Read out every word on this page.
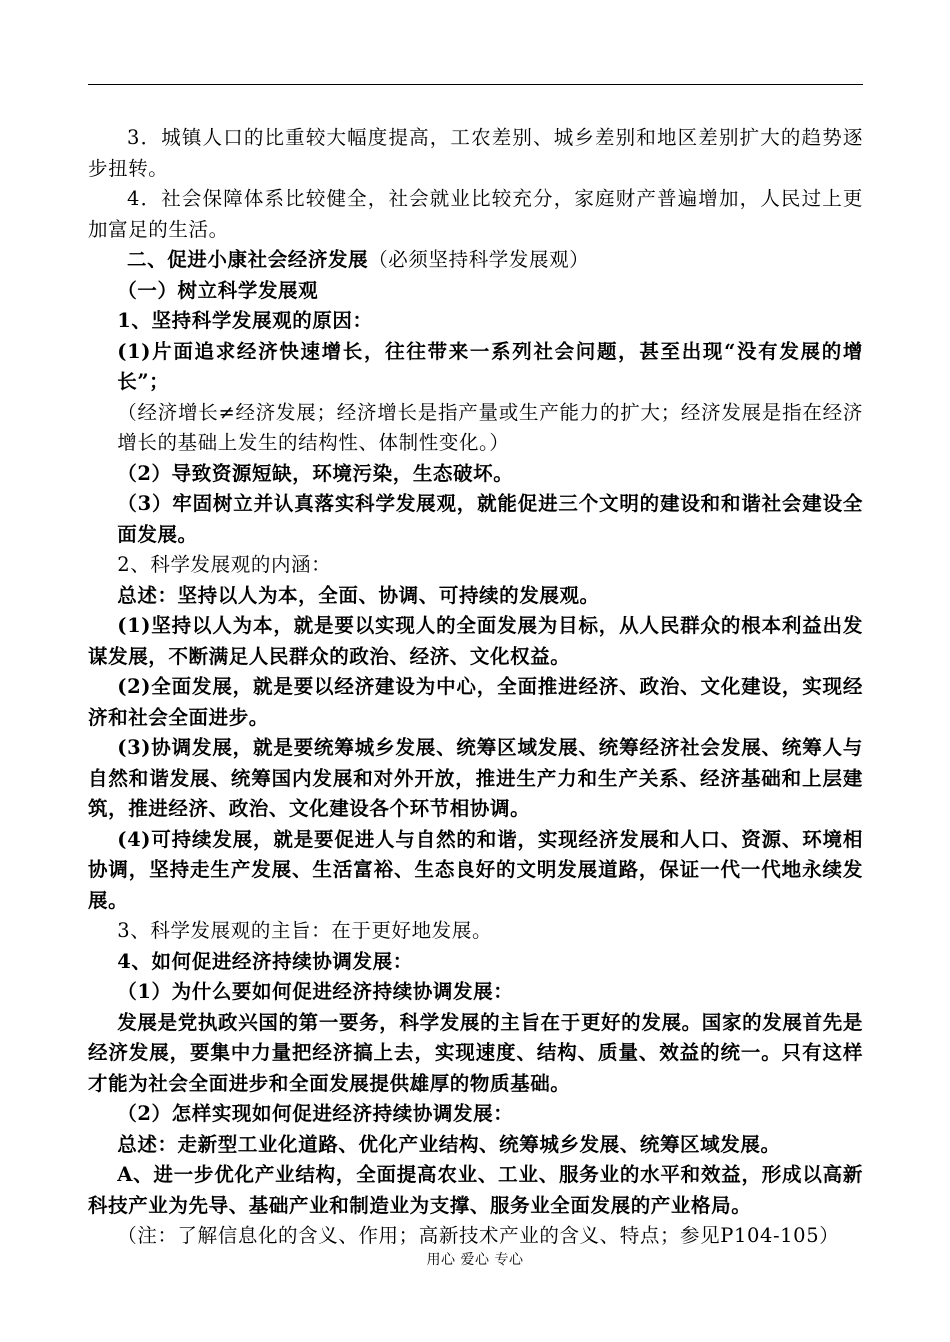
3．城镇人口的比重较大幅度提高，工农差别、城乡差别和地区差别扩大的趋势逐步扭转。

4．社会保障体系比较健全，社会就业比较充分，家庭财产普遍增加，人民过上更加富足的生活。

二、促进小康社会经济发展（必须坚持科学发展观）

（一）树立科学发展观

1、坚持科学发展观的原因：

(1)片面追求经济快速增长，往往带来一系列社会问题，甚至出现“没有发展的增长”；

（经济增长≠经济发展；经济增长是指产量或生产能力的扩大；经济发展是指在经济增长的基础上发生的结构性、体制性变化。）

（2）导致资源短缺，环境污染，生态破坏。

（3）牢固树立并认真落实科学发展观，就能促进三个文明的建设和和谐社会建设全面发展。

2、科学发展观的内涵：

总述：坚持以人为本，全面、协调、可持续的发展观。

(1)坚持以人为本，就是要以实现人的全面发展为目标，从人民群众的根本利益出发谋发展，不断满足人民群众的政治、经济、文化权益。

(2)全面发展，就是要以经济建设为中心，全面推进经济、政治、文化建设，实现经济和社会全面进步。

(3)协调发展，就是要统筹城乡发展、统筹区域发展、统筹经济社会发展、统筹人与自然和谐发展、统筹国内发展和对外开放，推进生产力和生产关系、经济基础和上层建筑，推进经济、政治、文化建设各个环节相协调。

(4)可持续发展，就是要促进人与自然的和谐，实现经济发展和人口、资源、环境相协调，坚持走生产发展、生活富裕、生态良好的文明发展道路，保证一代一代地永续发展。

3、科学发展观的主旨：在于更好地发展。

4、如何促进经济持续协调发展：

（1）为什么要如何促进经济持续协调发展：

发展是党执政兴国的第一要务，科学发展的主旨在于更好的发展。国家的发展首先是经济发展，要集中力量把经济搞上去，实现速度、结构、质量、效益的统一。只有这样才能为社会全面进步和全面发展提供雄厚的物质基础。

（2）怎样实现如何促进经济持续协调发展：

总述：走新型工业化道路、优化产业结构、统筹城乡发展、统筹区域发展。

A、进一步优化产业结构，全面提高农业、工业、服务业的水平和效益，形成以高新科技产业为先导、基础产业和制造业为支撑、服务业全面发展的产业格局。

（注：了解信息化的含义、作用；高新技术产业的含义、特点；参见P104-105）

用心 爱心 专心
